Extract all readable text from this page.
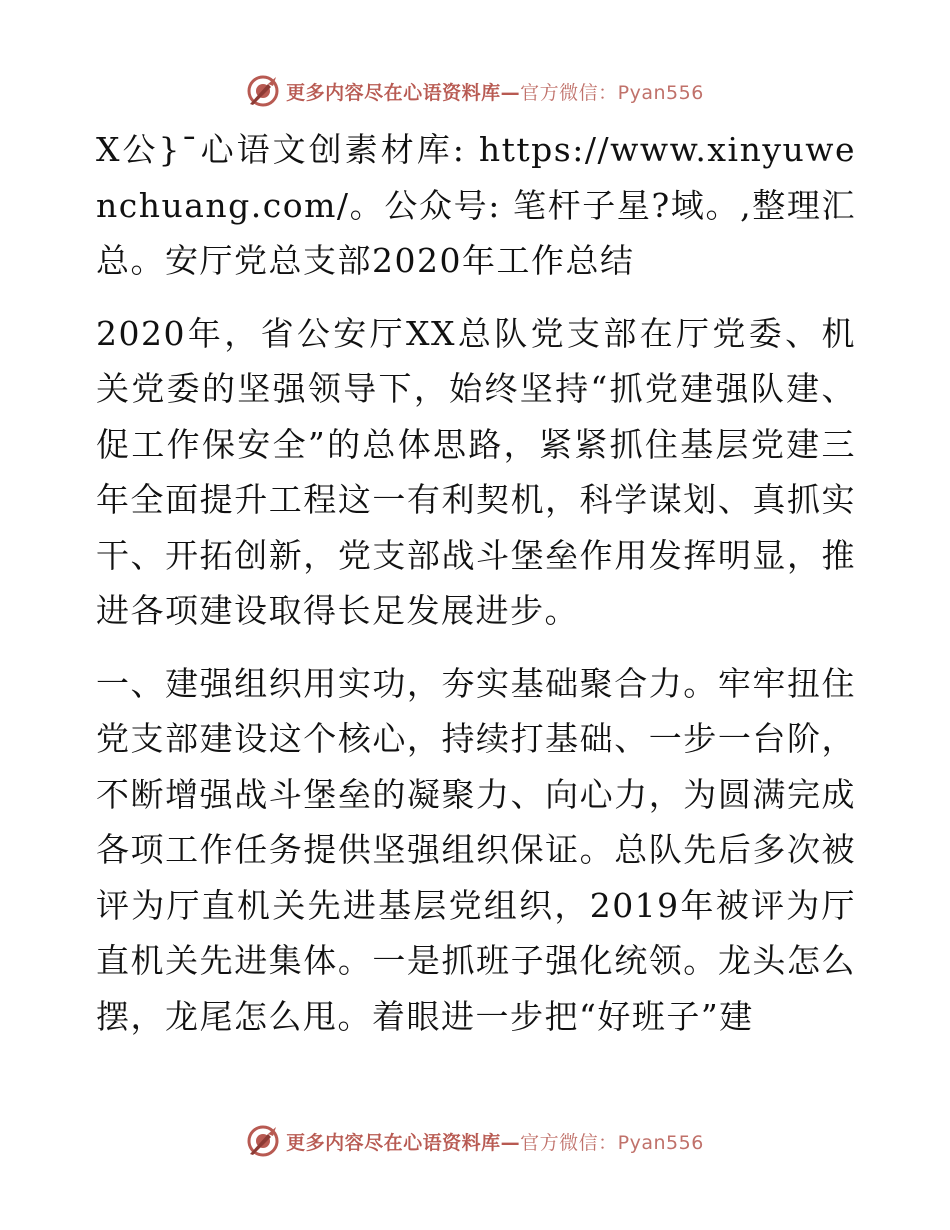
更多内容尽在心语资料库—官方微信：Pyan556

X公}¯心语文创素材库: https://www.xinyuwenchuang.com/。公众号: 笔杆子星?域。,整理汇总。安厅党总支部2020年工作总结

2020年，省公安厅XX总队党支部在厅党委、机关党委的坚强领导下，始终坚持“抓党建强队建、促工作保安全”的总体思路，紧紧抓住基层党建三年全面提升工程这一有利契机，科学谋划、真抓实干、开拓创新，党支部战斗堡垒作用发挥明显，推进各项建设取得长足发展进步。

一、建强组织用实功，夯实基础聚合力。牢牢扭住党支部建设这个核心，持续打基础、一步一台阶，不断增强战斗堡垒的凝聚力、向心力，为圆满完成各项工作任务提供坚强组织保证。总队先后多次被评为厅直机关先进基层党组织，2019年被评为厅直机关先进集体。一是抓班子强化统领。龙头怎么摆，龙尾怎么甩。着眼进一步把“好班子”建

更多内容尽在心语资料库—官方微信：Pyan556
